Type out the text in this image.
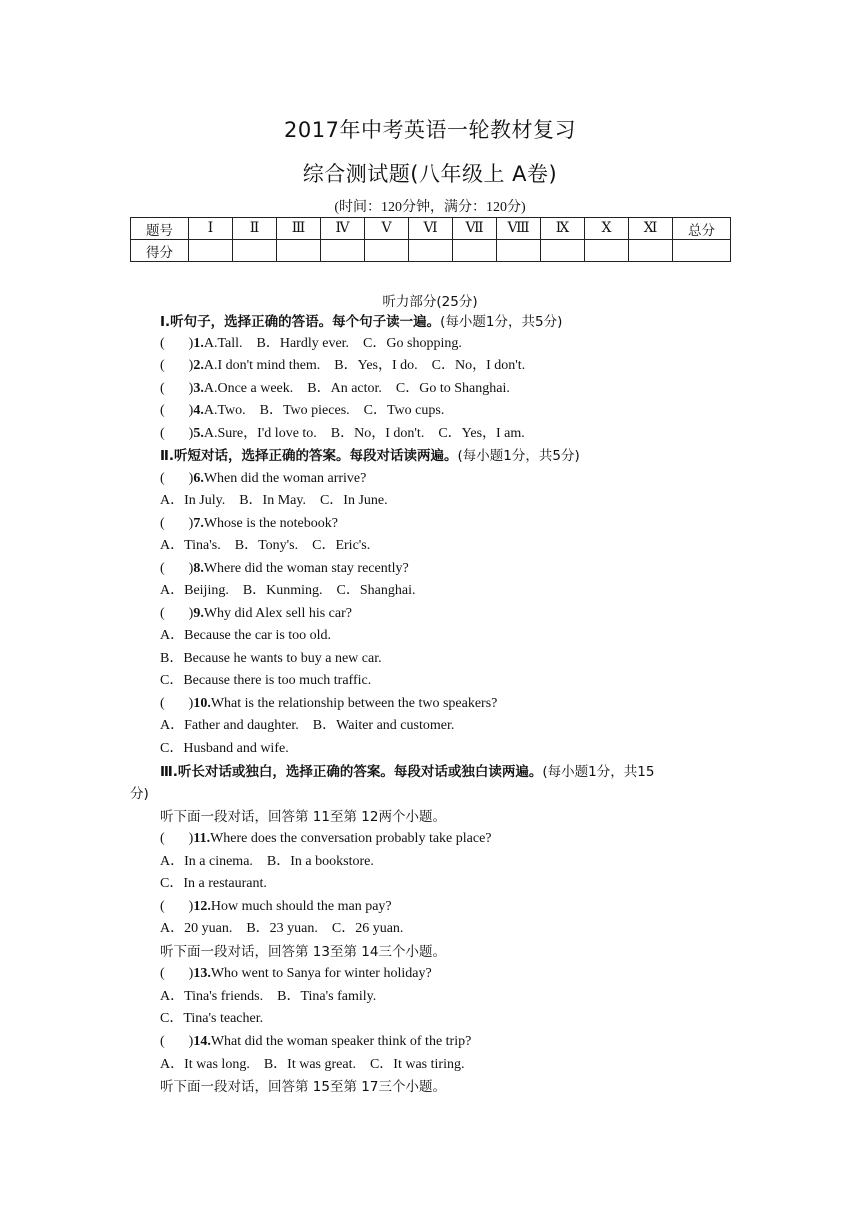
2017年中考英语一轮教材复习
综合测试题(八年级上 A卷)
(时间：120分钟，满分：120分)
题号	Ⅰ	Ⅱ	Ⅲ	Ⅳ	Ⅴ	Ⅵ	Ⅶ	Ⅷ	Ⅸ	Ⅹ	Ⅺ	总分
得分												
听力部分(25分)
Ⅰ.听句子，选择正确的答语。每个句子读一遍。(每小题1分，共5分)
( )1.A.Tall.　B．Hardly ever.　C．Go shopping.
( )2.A.I don't mind them.　B．Yes，I do.　C．No，I don't.
( )3.A.Once a week.　B．An actor.　C．Go to Shanghai.
( )4.A.Two.　B．Two pieces.　C．Two cups.
( )5.A.Sure，I'd love to.　B．No，I don't.　C．Yes，I am.
Ⅱ.听短对话，选择正确的答案。每段对话读两遍。(每小题1分，共5分)
( )6.When did the woman arrive?
A．In July.　B．In May.　C．In June.
( )7.Whose is the notebook?
A．Tina's.　B．Tony's.　C．Eric's.
( )8.Where did the woman stay recently?
A．Beijing.　B．Kunming.　C．Shanghai.
( )9.Why did Alex sell his car?
A．Because the car is too old.
B．Because he wants to buy a new car.
C．Because there is too much traffic.
( )10.What is the relationship between the two speakers?
A．Father and daughter.　B．Waiter and customer.
C．Husband and wife.
Ⅲ.听长对话或独白，选择正确的答案。每段对话或独白读两遍。(每小题1分，共15
分)
听下面一段对话，回答第 11至第 12两个小题。
( )11.Where does the conversation probably take place?
A．In a cinema.　B．In a bookstore.
C．In a restaurant.
( )12.How much should the man pay?
A．20 yuan.　B．23 yuan.　C．26 yuan.
听下面一段对话，回答第 13至第 14三个小题。
( )13.Who went to Sanya for winter holiday?
A．Tina's friends.　B．Tina's family.
C．Tina's teacher.
( )14.What did the woman speaker think of the trip?
A．It was long.　B．It was great.　C．It was tiring.
听下面一段对话，回答第 15至第 17三个小题。
